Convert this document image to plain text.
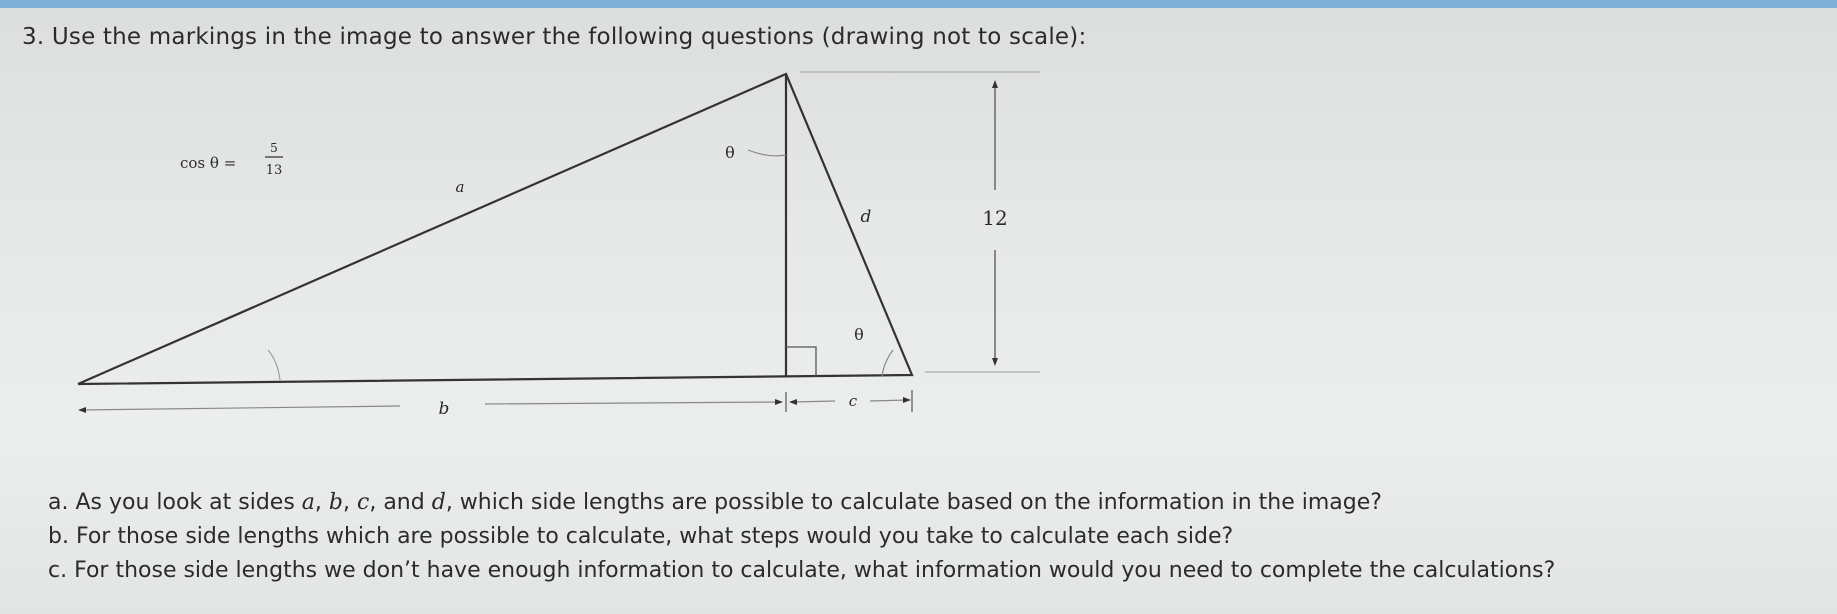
3. Use the markings in the image to answer the following questions (drawing not to scale):
12
b	c
a
d
θ
θ
cos θ =
5
13
a. As you look at sides a, b, c, and d, which side lengths are possible to calculate based on the information in the image?
b. For those side lengths which are possible to calculate, what steps would you take to calculate each side?
c. For those side lengths we don’t have enough information to calculate, what information would you need to complete the calculations?
